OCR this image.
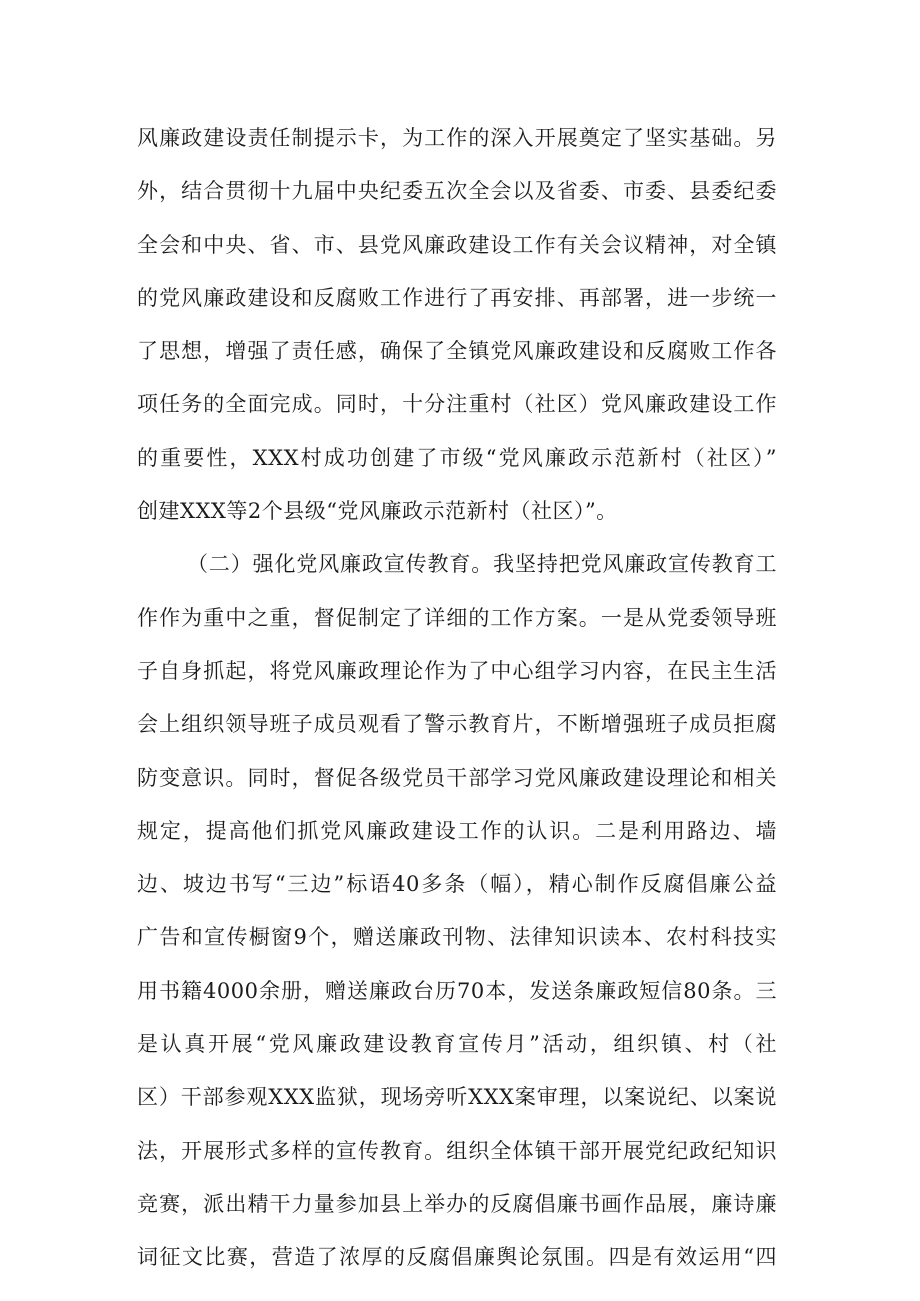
风廉政建设责任制提示卡，为工作的深入开展奠定了坚实基础。另
外，结合贯彻十九届中央纪委五次全会以及省委、市委、县委纪委
全会和中央、省、市、县党风廉政建设工作有关会议精神，对全镇
的党风廉政建设和反腐败工作进行了再安排、再部署，进一步统一
了思想，增强了责任感，确保了全镇党风廉政建设和反腐败工作各
项任务的全面完成。同时，十分注重村（社区）党风廉政建设工作
的重要性，XXX村成功创建了市级“党风廉政示范新村（社区）”
创建XXX等2个县级“党风廉政示范新村（社区）”。
（二）强化党风廉政宣传教育。我坚持把党风廉政宣传教育工
作作为重中之重，督促制定了详细的工作方案。一是从党委领导班
子自身抓起，将党风廉政理论作为了中心组学习内容，在民主生活
会上组织领导班子成员观看了警示教育片，不断增强班子成员拒腐
防变意识。同时，督促各级党员干部学习党风廉政建设理论和相关
规定，提高他们抓党风廉政建设工作的认识。二是利用路边、墙
边、坡边书写“三边”标语40多条（幅），精心制作反腐倡廉公益
广告和宣传橱窗9个，赠送廉政刊物、法律知识读本、农村科技实
用书籍4000余册，赠送廉政台历70本，发送条廉政短信80条。三
是认真开展“党风廉政建设教育宣传月”活动，组织镇、村（社
区）干部参观XXX监狱，现场旁听XXX案审理，以案说纪、以案说
法，开展形式多样的宣传教育。组织全体镇干部开展党纪政纪知识
竞赛，派出精干力量参加县上举办的反腐倡廉书画作品展，廉诗廉
词征文比赛，营造了浓厚的反腐倡廉舆论氛围。四是有效运用“四
